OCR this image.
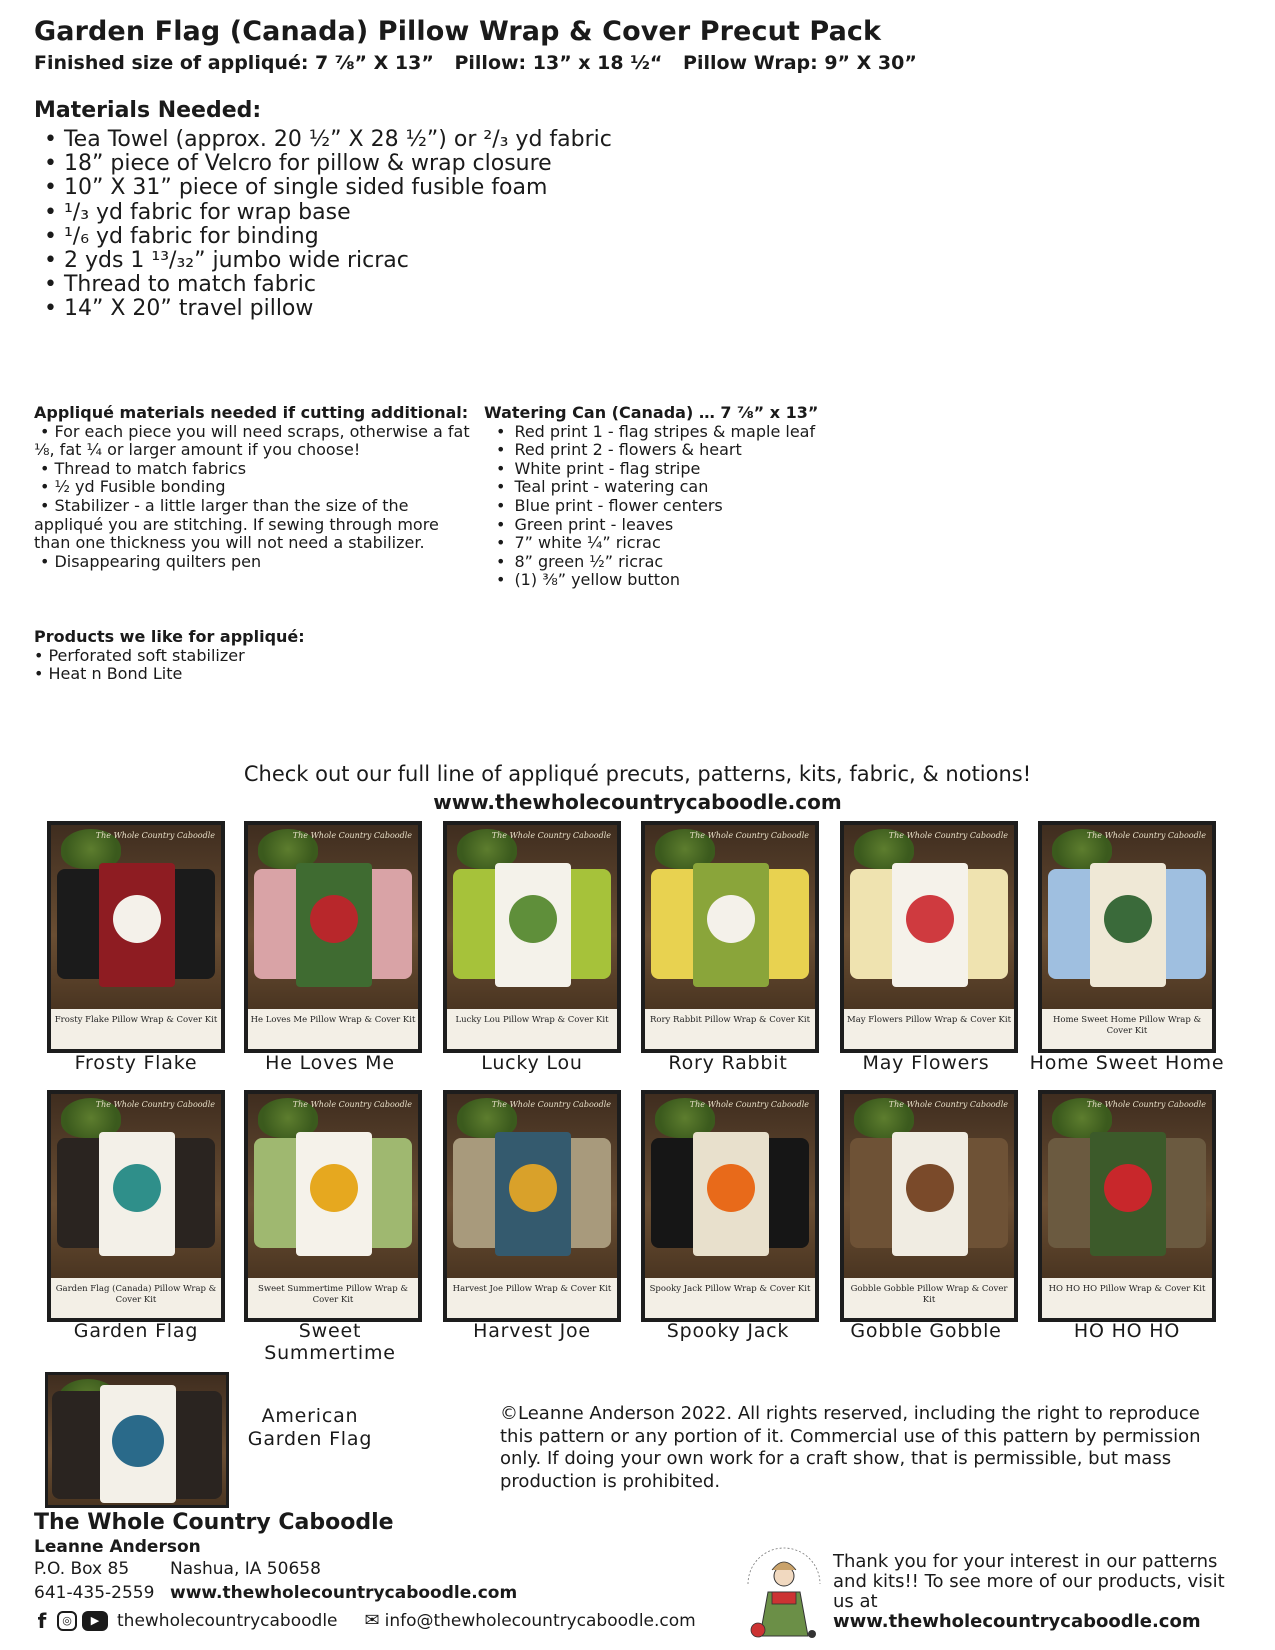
Garden Flag (Canada) Pillow Wrap & Cover Precut Pack
Finished size of appliqué: 7 ⅞” X 13” Pillow: 13” x 18 ½“ Pillow Wrap: 9” X 30”
Materials Needed:
• Tea Towel (approx. 20 ½” X 28 ½”) or ²/₃ yd fabric
• 18” piece of Velcro for pillow & wrap closure
• 10” X 31” piece of single sided fusible foam
• ¹/₃ yd fabric for wrap base
• ¹/₆ yd fabric for binding
• 2 yds 1 ¹³/₃₂” jumbo wide ricrac
• Thread to match fabric
• 14” X 20” travel pillow
Appliqué materials needed if cutting additional:
• For each piece you will need scraps, otherwise a fat ⅛, fat ¼ or larger amount if you choose!
• Thread to match fabrics
• ½ yd Fusible bonding
• Stabilizer - a little larger than the size of the appliqué you are stitching. If sewing through more than one thickness you will not need a stabilizer.
• Disappearing quilters pen
Watering Can (Canada) … 7 ⅞” x 13”
• Red print 1 - flag stripes & maple leaf
• Red print 2 - flowers & heart
• White print - flag stripe
• Teal print - watering can
• Blue print - flower centers
• Green print - leaves
• 7” white ¼” ricrac
• 8” green ½” ricrac
• (1) ⅜” yellow button
Products we like for appliqué:
• Perforated soft stabilizer
• Heat n Bond Lite
Check out our full line of appliqué precuts, patterns, kits, fabric, & notions!
www.thewholecountrycaboodle.com
The Whole Country Caboodle
Frosty Flake Pillow Wrap & Cover Kit
Frosty Flake
The Whole Country Caboodle
He Loves Me Pillow Wrap & Cover Kit
He Loves Me
The Whole Country Caboodle
Lucky Lou Pillow Wrap & Cover Kit
Lucky Lou
The Whole Country Caboodle
Rory Rabbit Pillow Wrap & Cover Kit
Rory Rabbit
The Whole Country Caboodle
May Flowers Pillow Wrap & Cover Kit
May Flowers
The Whole Country Caboodle
Home Sweet Home Pillow Wrap & Cover Kit
Home Sweet Home
The Whole Country Caboodle
Garden Flag (Canada) Pillow Wrap & Cover Kit
Garden Flag
The Whole Country Caboodle
Sweet Summertime Pillow Wrap & Cover Kit
Sweet Summertime
The Whole Country Caboodle
Harvest Joe Pillow Wrap & Cover Kit
Harvest Joe
The Whole Country Caboodle
Spooky Jack Pillow Wrap & Cover Kit
Spooky Jack
The Whole Country Caboodle
Gobble Gobble Pillow Wrap & Cover Kit
Gobble Gobble
The Whole Country Caboodle
HO HO HO Pillow Wrap & Cover Kit
HO HO HO
American
Garden Flag
©Leanne Anderson 2022. All rights reserved, including the right to reproduce this pattern or any portion of it. Commercial use of this pattern by permission only. If doing your own work for a craft show, that is permissible, but mass production is prohibited.
The Whole Country Caboodle
Leanne Anderson
P.O. Box 85 Nashua, IA 50658
641-435-2559 www.thewholecountrycaboodle.com
f	◎	▶	thewholecountrycaboodle ✉ info@thewholecountrycaboodle.com
Thank you for your interest in our patterns and kits!! To see more of our products, visit us at
www.thewholecountrycaboodle.com
